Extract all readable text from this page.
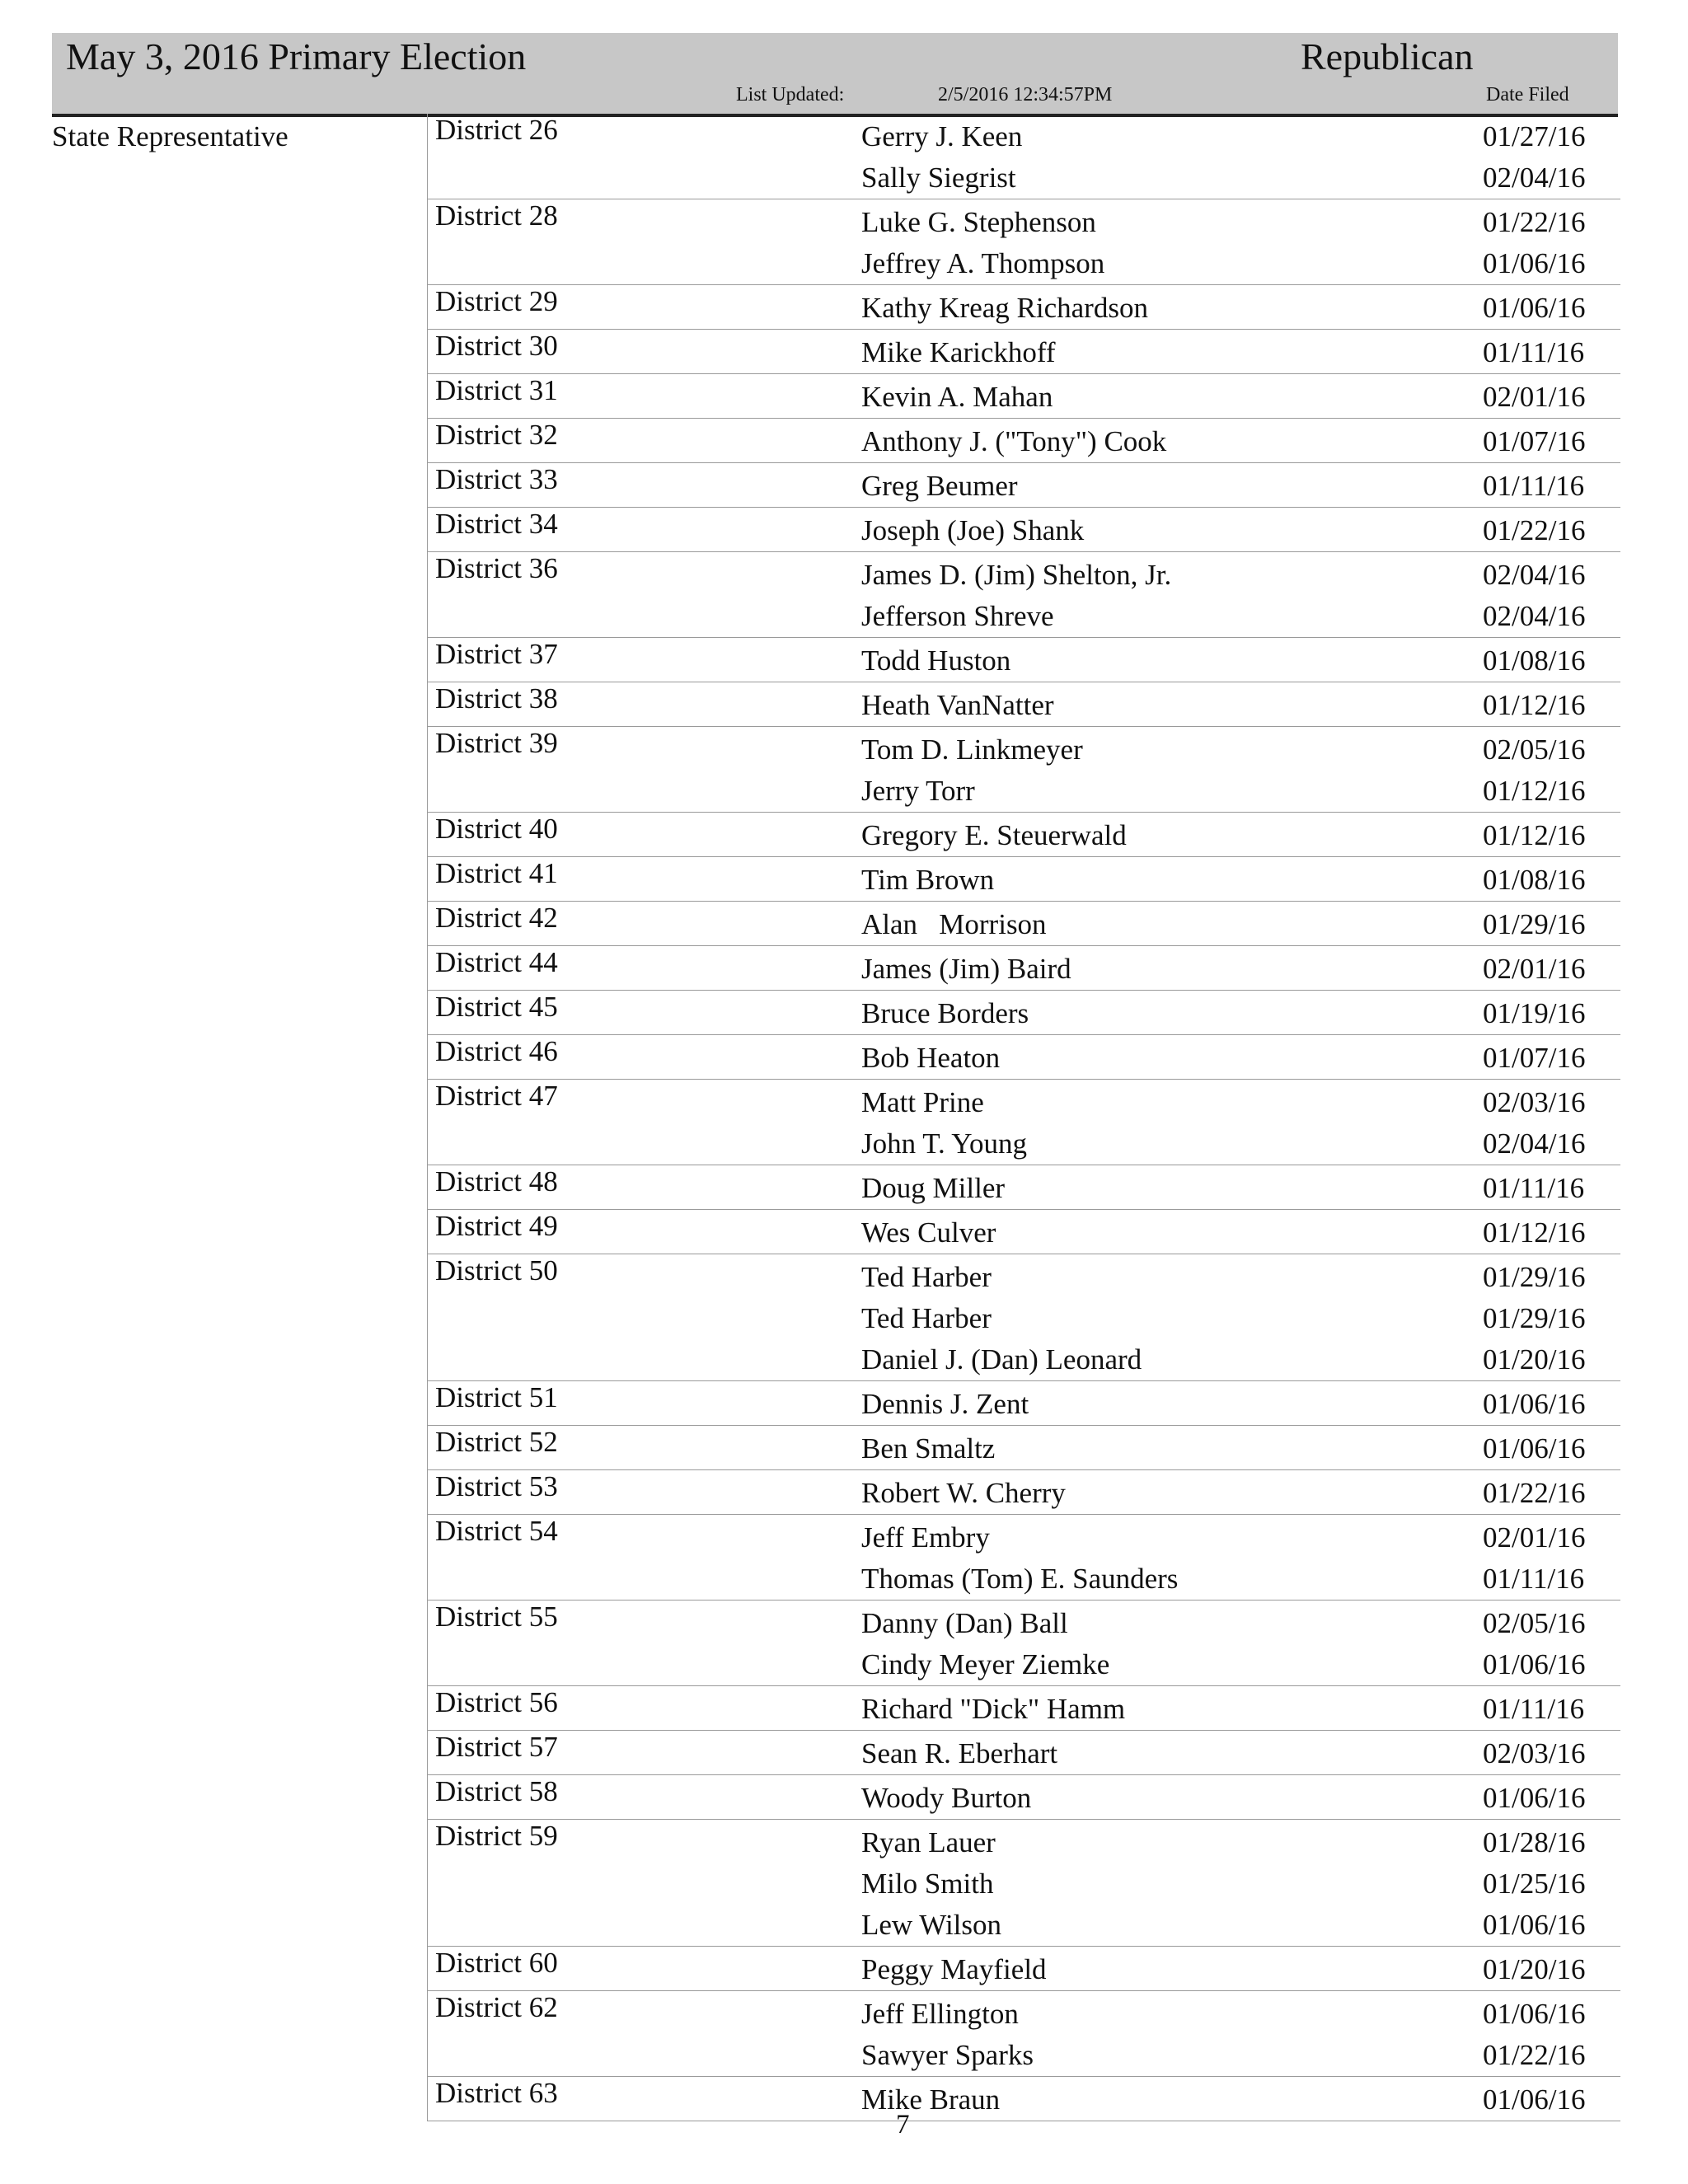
May 3, 2016 Primary Election	Republican
List Updated:	2/5/2016 12:34:57PM	Date Filed
State Representative	District 26	Gerry J. Keen	01/27/16
Sally Siegrist	02/04/16
District 28	Luke G. Stephenson	01/22/16
Jeffrey A. Thompson	01/06/16
District 29	Kathy Kreag Richardson	01/06/16
District 30	Mike Karickhoff	01/11/16
District 31	Kevin A. Mahan	02/01/16
District 32	Anthony J. ("Tony") Cook	01/07/16
District 33	Greg Beumer	01/11/16
District 34	Joseph (Joe) Shank	01/22/16
District 36	James D. (Jim) Shelton, Jr.	02/04/16
Jefferson Shreve	02/04/16
District 37	Todd Huston	01/08/16
District 38	Heath VanNatter	01/12/16
District 39	Tom D. Linkmeyer	02/05/16
Jerry Torr	01/12/16
District 40	Gregory E. Steuerwald	01/12/16
District 41	Tim Brown	01/08/16
District 42	Alan   Morrison	01/29/16
District 44	James (Jim) Baird	02/01/16
District 45	Bruce Borders	01/19/16
District 46	Bob Heaton	01/07/16
District 47	Matt Prine	02/03/16
John T. Young	02/04/16
District 48	Doug Miller	01/11/16
District 49	Wes Culver	01/12/16
District 50	Ted Harber	01/29/16
Ted Harber	01/29/16
Daniel J. (Dan) Leonard	01/20/16
District 51	Dennis J. Zent	01/06/16
District 52	Ben Smaltz	01/06/16
District 53	Robert W. Cherry	01/22/16
District 54	Jeff Embry	02/01/16
Thomas (Tom) E. Saunders	01/11/16
District 55	Danny (Dan) Ball	02/05/16
Cindy Meyer Ziemke	01/06/16
District 56	Richard "Dick" Hamm	01/11/16
District 57	Sean R. Eberhart	02/03/16
District 58	Woody Burton	01/06/16
District 59	Ryan Lauer	01/28/16
Milo Smith	01/25/16
Lew Wilson	01/06/16
District 60	Peggy Mayfield	01/20/16
District 62	Jeff Ellington	01/06/16
Sawyer Sparks	01/22/16
District 63	Mike Braun	01/06/16
7
